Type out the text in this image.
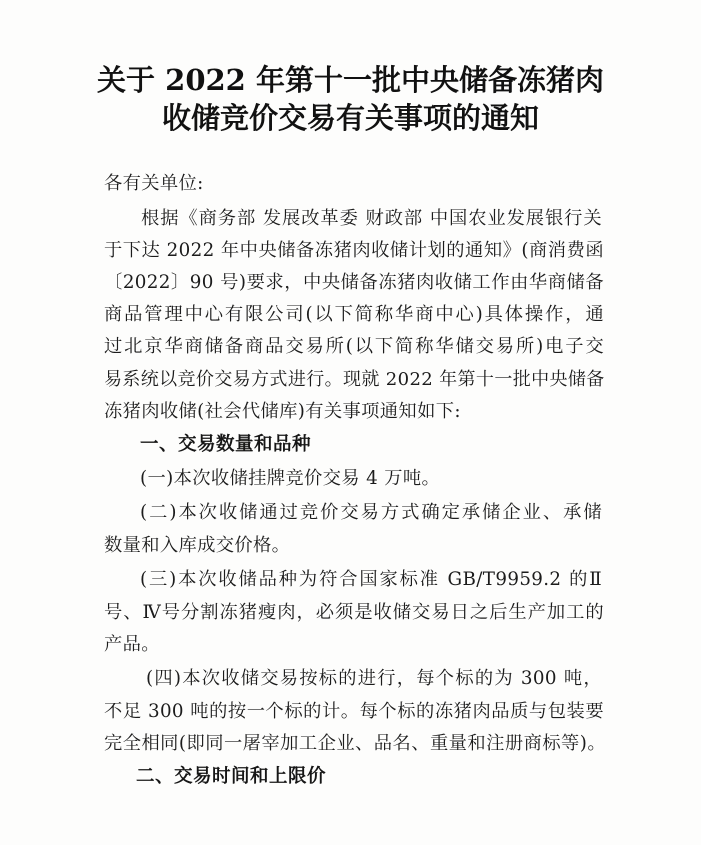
关于 2022 年第十一批中央储备冻猪肉
收储竞价交易有关事项的通知
各有关单位:
根据《商务部 发展改革委 财政部 中国农业发展银行关
于下达 2022 年中央储备冻猪肉收储计划的通知》(商消费函
〔2022〕90 号)要求，中央储备冻猪肉收储工作由华商储备
商品管理中心有限公司(以下简称华商中心)具体操作，通
过北京华商储备商品交易所(以下简称华储交易所)电子交
易系统以竞价交易方式进行。现就 2022 年第十一批中央储备
冻猪肉收储(社会代储库)有关事项通知如下:
一、交易数量和品种
(一)本次收储挂牌竞价交易 4 万吨。
(二)本次收储通过竞价交易方式确定承储企业、承储
数量和入库成交价格。
(三)本次收储品种为符合国家标准 GB/T9959.2 的Ⅱ
号、Ⅳ号分割冻猪瘦肉，必须是收储交易日之后生产加工的
产品。
(四)本次收储交易按标的进行，每个标的为 300 吨，
不足 300 吨的按一个标的计。每个标的冻猪肉品质与包装要
完全相同(即同一屠宰加工企业、品名、重量和注册商标等)。
二、交易时间和上限价
